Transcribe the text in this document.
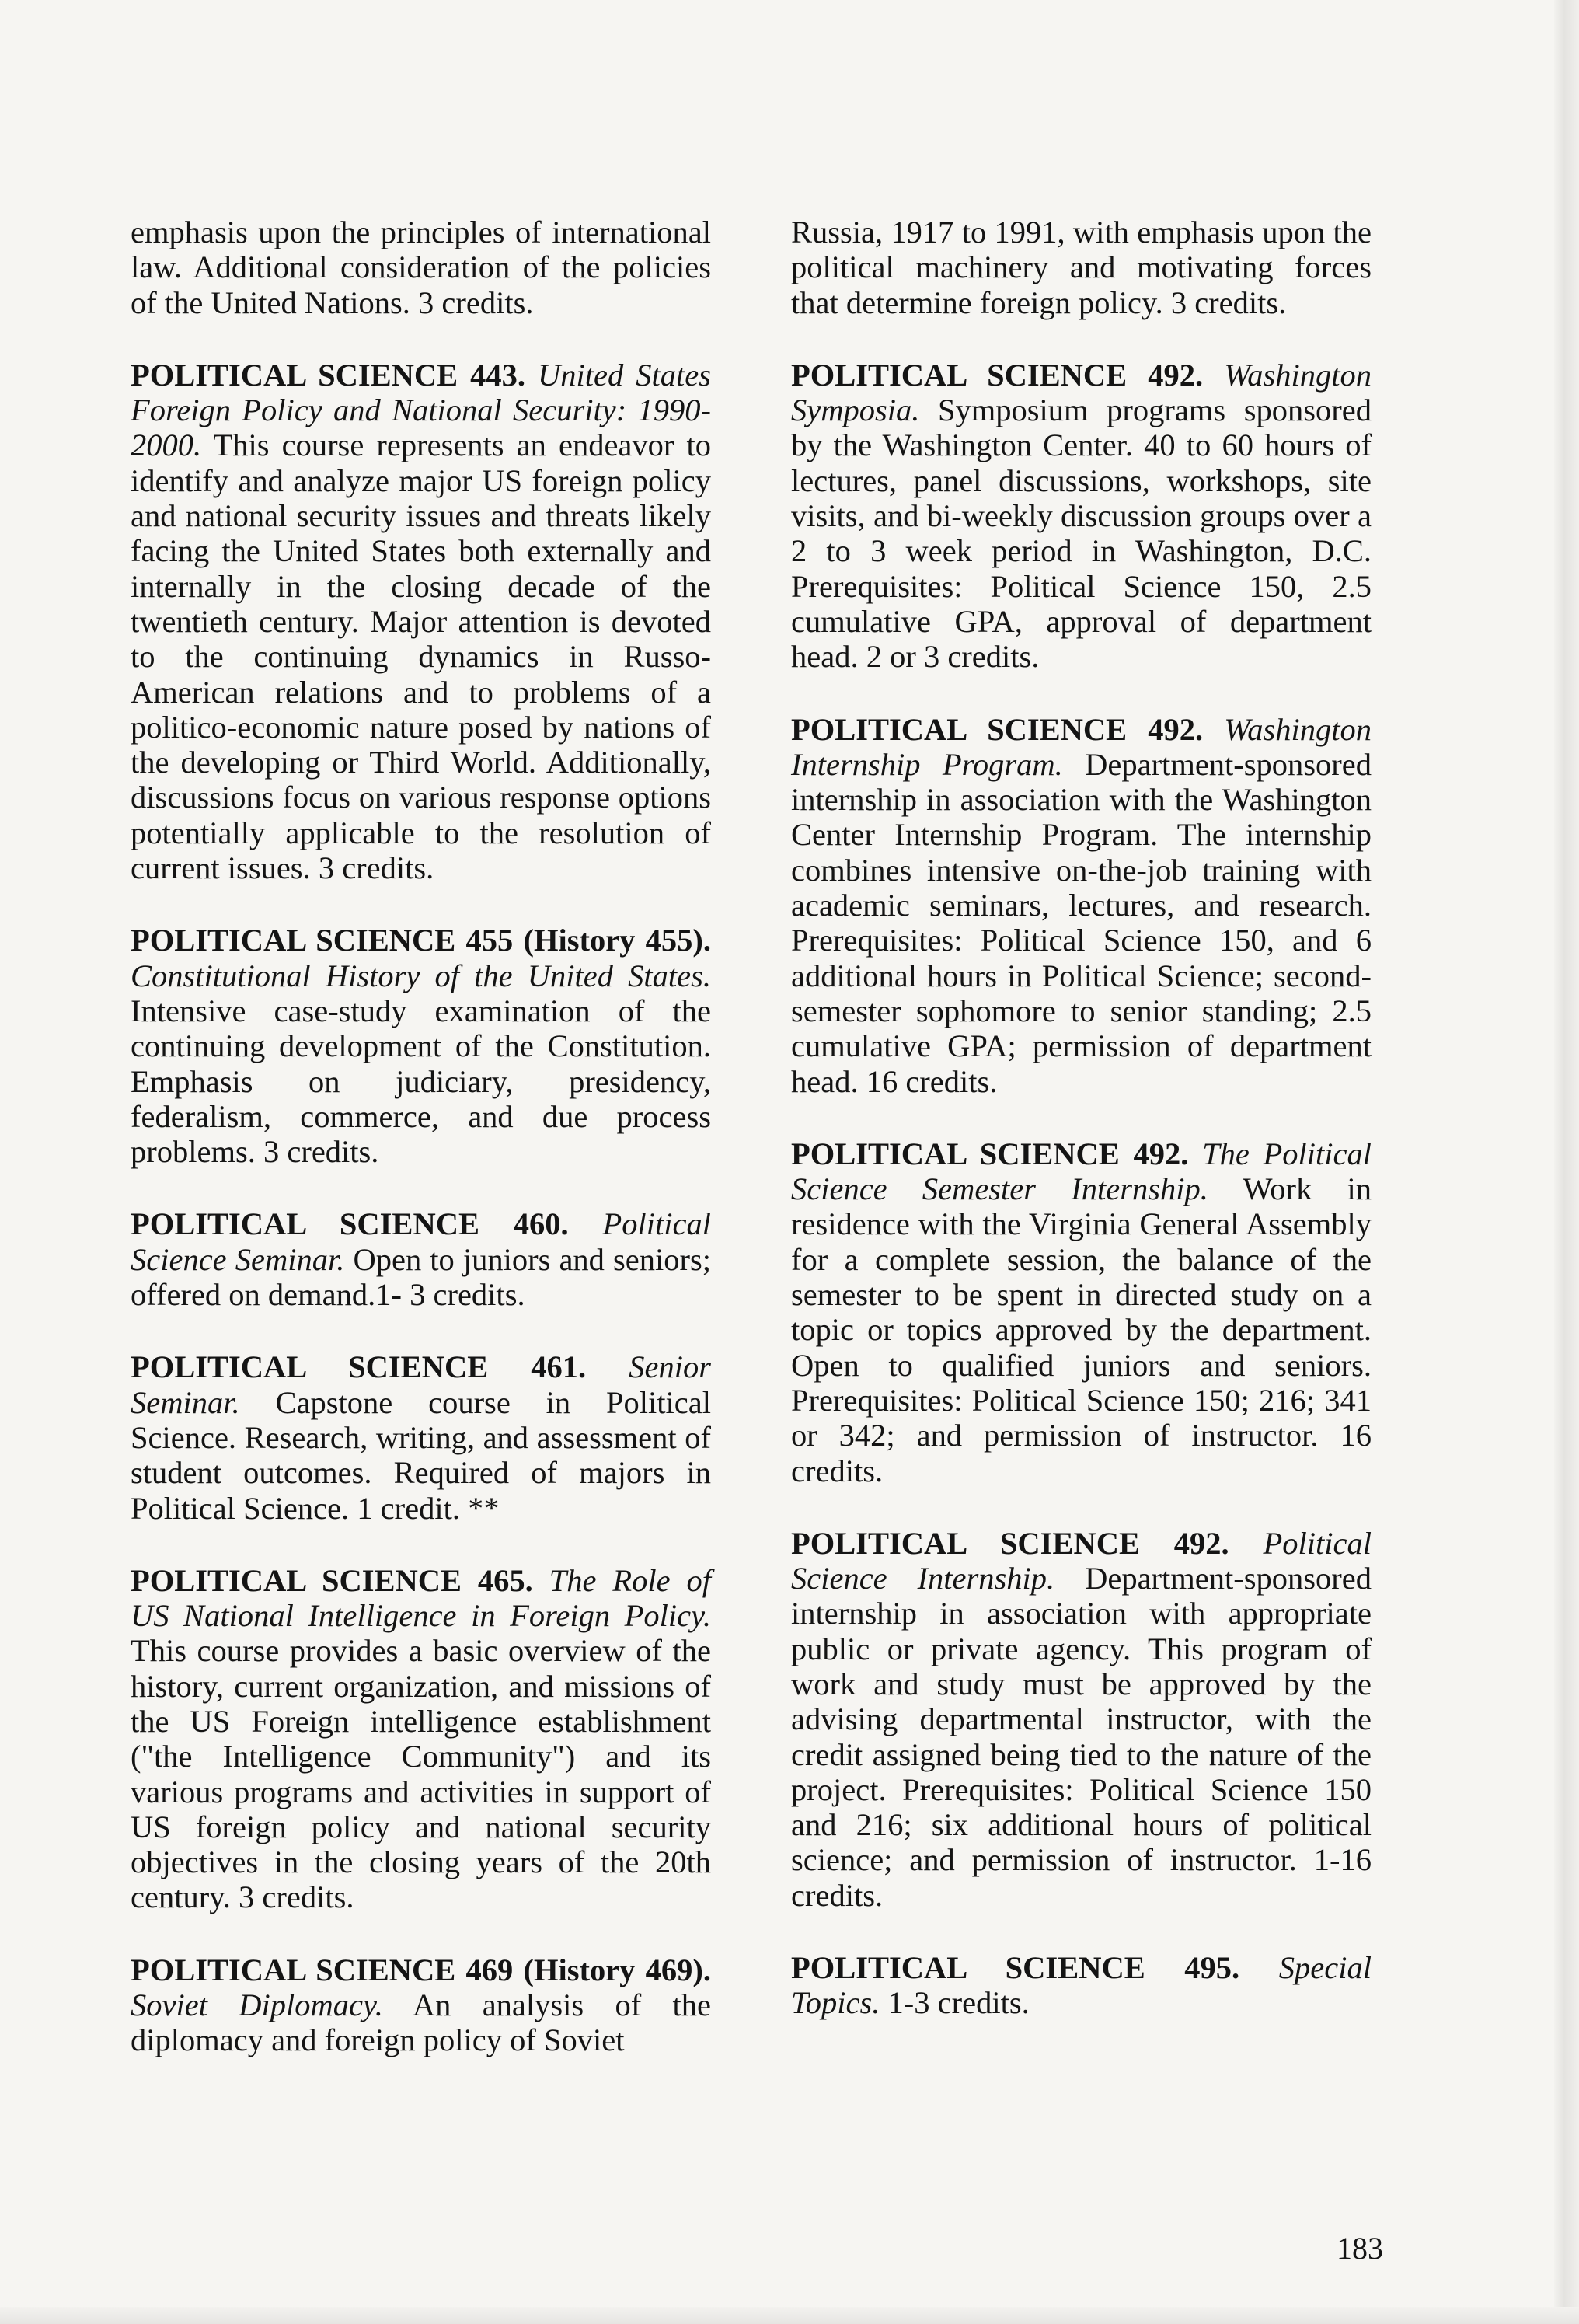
emphasis upon the principles of international law. Additional consideration of the policies of the United Nations. 3 credits.

POLITICAL SCIENCE 443. United States Foreign Policy and National Security: 1990-2000. This course represents an endeavor to identify and analyze major US foreign policy and national security issues and threats likely facing the United States both externally and internally in the closing decade of the twentieth century. Major attention is devoted to the continuing dynamics in Russo-American relations and to problems of a politico-economic nature posed by nations of the developing or Third World. Additionally, discussions focus on various response options potentially applicable to the resolution of current issues. 3 credits.

POLITICAL SCIENCE 455 (History 455). Constitutional History of the United States. Intensive case-study examination of the continuing development of the Constitution. Emphasis on judiciary, presidency, federalism, commerce, and due process problems. 3 credits.

POLITICAL SCIENCE 460. Political Science Seminar. Open to juniors and seniors; offered on demand.1- 3 credits.

POLITICAL SCIENCE 461. Senior Seminar. Capstone course in Political Science. Research, writing, and assessment of student outcomes. Required of majors in Political Science. 1 credit. **

POLITICAL SCIENCE 465. The Role of US National Intelligence in Foreign Policy. This course provides a basic overview of the history, current organization, and missions of the US Foreign intelligence establishment ("the Intelligence Community") and its various programs and activities in support of US foreign policy and national security objectives in the closing years of the 20th century. 3 credits.

POLITICAL SCIENCE 469 (History 469). Soviet Diplomacy. An analysis of the diplomacy and foreign policy of Soviet

Russia, 1917 to 1991, with emphasis upon the political machinery and motivating forces that determine foreign policy. 3 credits.

POLITICAL SCIENCE 492. Washington Symposia. Symposium programs sponsored by the Washington Center. 40 to 60 hours of lectures, panel discussions, workshops, site visits, and bi-weekly discussion groups over a 2 to 3 week period in Washington, D.C. Prerequisites: Political Science 150, 2.5 cumulative GPA, approval of department head. 2 or 3 credits.

POLITICAL SCIENCE 492. Washington Internship Program. Department-sponsored internship in association with the Washington Center Internship Program. The internship combines intensive on-the-job training with academic seminars, lectures, and research. Prerequisites: Political Science 150, and 6 additional hours in Political Science; second-semester sophomore to senior standing; 2.5 cumulative GPA; permission of department head. 16 credits.

POLITICAL SCIENCE 492. The Political Science Semester Internship. Work in residence with the Virginia General Assembly for a complete session, the balance of the semester to be spent in directed study on a topic or topics approved by the department. Open to qualified juniors and seniors. Prerequisites: Political Science 150; 216; 341 or 342; and permission of instructor. 16 credits.

POLITICAL SCIENCE 492. Political Science Internship. Department-sponsored internship in association with appropriate public or private agency. This program of work and study must be approved by the advising departmental instructor, with the credit assigned being tied to the nature of the project. Prerequisites: Political Science 150 and 216; six additional hours of political science; and permission of instructor. 1-16 credits.

POLITICAL SCIENCE 495. Special Topics. 1-3 credits.

183
